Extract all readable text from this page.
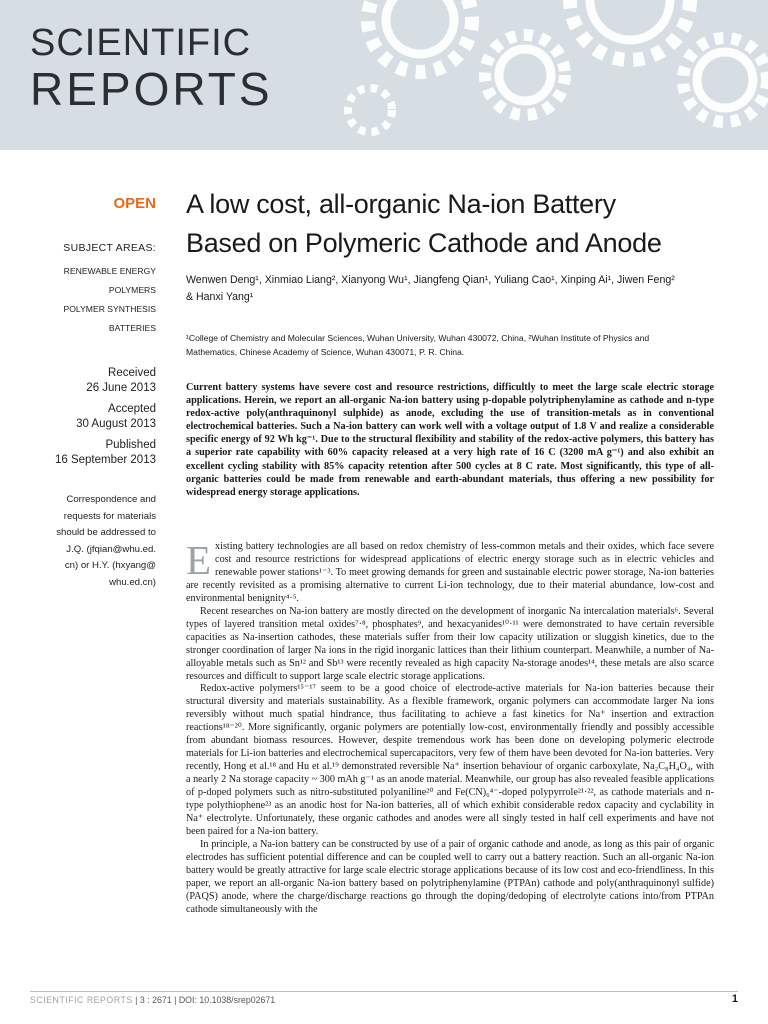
SCIENTIFIC
REPORTS
OPEN
SUBJECT AREAS:
RENEWABLE ENERGY
POLYMERS
POLYMER SYNTHESIS
BATTERIES
Received
26 June 2013
Accepted
30 August 2013
Published
16 September 2013
Correspondence and
requests for materials
should be addressed to
J.Q. (jfqian@whu.ed.
cn) or H.Y. (hxyang@
whu.ed.cn)
A low cost, all-organic Na-ion Battery
Based on Polymeric Cathode and Anode
Wenwen Deng¹, Xinmiao Liang², Xianyong Wu¹, Jiangfeng Qian¹, Yuliang Cao¹, Xinping Ai¹, Jiwen Feng²
& Hanxi Yang¹
¹College of Chemistry and Molecular Sciences, Wuhan University, Wuhan 430072, China, ²Wuhan Institute of Physics and
Mathematics, Chinese Academy of Science, Wuhan 430071, P. R. China.
Current battery systems have severe cost and resource restrictions, difficultly to meet the large scale electric storage applications. Herein, we report an all-organic Na-ion battery using p-dopable polytriphenylamine as cathode and n-type redox-active poly(anthraquinonyl sulphide) as anode, excluding the use of transition-metals as in conventional electrochemical batteries. Such a Na-ion battery can work well with a voltage output of 1.8 V and realize a considerable specific energy of 92 Wh kg⁻¹. Due to the structural flexibility and stability of the redox-active polymers, this battery has a superior rate capability with 60% capacity released at a very high rate of 16 C (3200 mA g⁻¹) and also exhibit an excellent cycling stability with 85% capacity retention after 500 cycles at 8 C rate. Most significantly, this type of all-organic batteries could be made from renewable and earth-abundant materials, thus offering a new possibility for widespread energy storage applications.

Existing battery technologies are all based on redox chemistry of less-common metals and their oxides, which face severe cost and resource restrictions for widespread applications of electric energy storage such as in electric vehicles and renewable power stations¹⁻³. To meet growing demands for green and sustainable electric power storage, Na-ion batteries are recently revisited as a promising alternative to current Li-ion technology, due to their material abundance, low-cost and environmental benignity⁴·⁵.

Recent researches on Na-ion battery are mostly directed on the development of inorganic Na intercalation materials⁶. Several types of layered transition metal oxides⁷·⁸, phosphates⁹, and hexacyanides¹⁰·¹¹ were demonstrated to have certain reversible capacities as Na-insertion cathodes, these materials suffer from their low capacity utilization or sluggish kinetics, due to the stronger coordination of larger Na ions in the rigid inorganic lattices than their lithium counterpart. Meanwhile, a number of Na-alloyable metals such as Sn¹² and Sb¹³ were recently revealed as high capacity Na-storage anodes¹⁴, these metals are also scarce resources and difficult to support large scale electric storage applications.

Redox-active polymers¹⁵⁻¹⁷ seem to be a good choice of electrode-active materials for Na-ion batteries because their structural diversity and materials sustainability. As a flexible framework, organic polymers can accommodate larger Na ions reversibly without much spatial hindrance, thus facilitating to achieve a fast kinetics for Na⁺ insertion and extraction reactions¹⁸⁻²⁰. More significantly, organic polymers are potentially low-cost, environmentally friendly and possibly accessible from abundant biomass resources. However, despite tremendous work has been done on developing polymeric electrode materials for Li-ion batteries and electrochemical supercapacitors, very few of them have been devoted for Na-ion batteries. Very recently, Hong et al.¹⁸ and Hu et al.¹⁹ demonstrated reversible Na⁺ insertion behaviour of organic carboxylate, Na₂C₈H₄O₄, with a nearly 2 Na storage capacity ~ 300 mAh g⁻¹ as an anode material. Meanwhile, our group has also revealed feasible applications of p-doped polymers such as nitro-substituted polyaniline²⁰ and Fe(CN)₆⁴⁻-doped polypyrrole²¹·²², as cathode materials and n-type polythiophene²³ as an anodic host for Na-ion batteries, all of which exhibit considerable redox capacity and cyclability in Na⁺ electrolyte. Unfortunately, these organic cathodes and anodes were all singly tested in half cell experiments and have not been paired for a Na-ion battery.

In principle, a Na-ion battery can be constructed by use of a pair of organic cathode and anode, as long as this pair of organic electrodes has sufficient potential difference and can be coupled well to carry out a battery reaction. Such an all-organic Na-ion battery would be greatly attractive for large scale electric storage applications because of its low cost and eco-friendliness. In this paper, we report an all-organic Na-ion battery based on polytriphenylamine (PTPAn) cathode and poly(anthraquinonyl sulfide) (PAQS) anode, where the charge/discharge reactions go through the doping/dedoping of electrolyte cations into/from PTPAn cathode simultaneously with the

SCIENTIFIC REPORTS | 3 : 2671 | DOI: 10.1038/srep02671	1
